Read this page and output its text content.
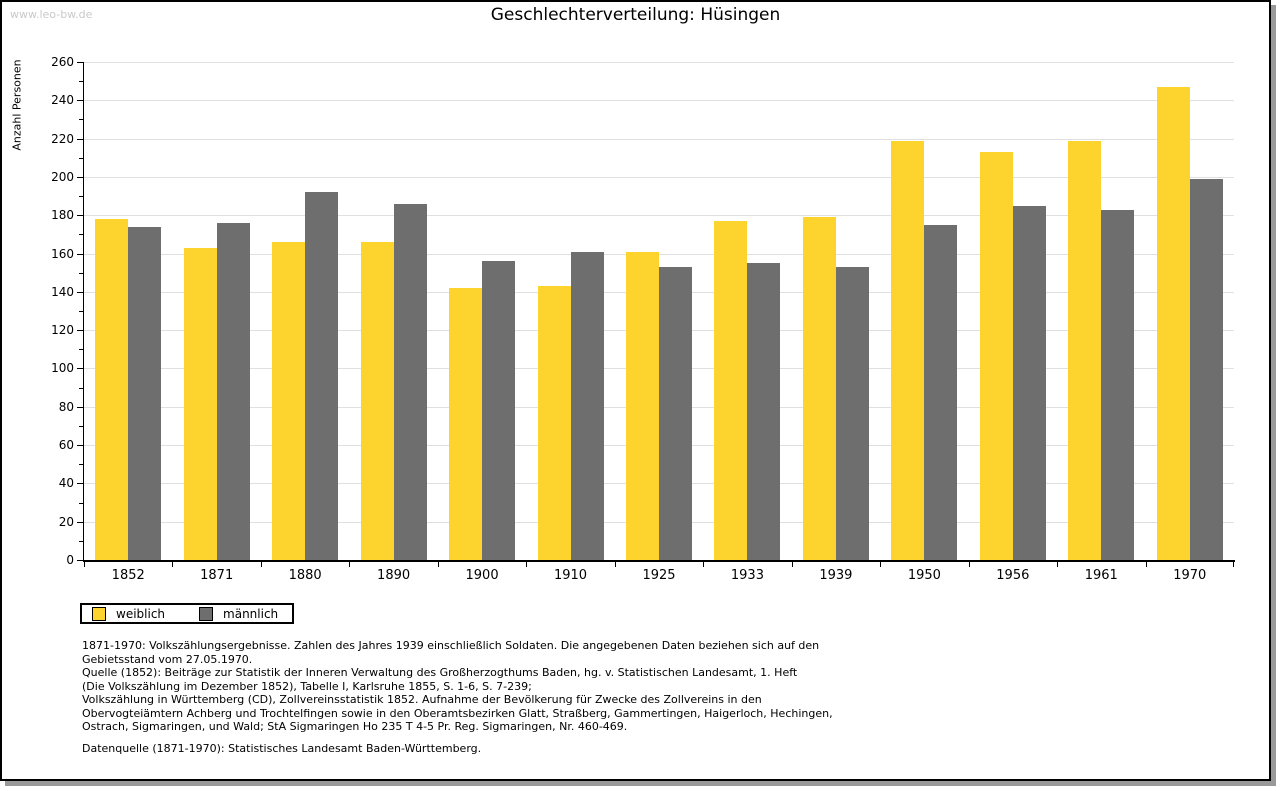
www.leo-bw.de	Geschlechterverteilung: Hüsingen
Anzahl Personen
0
20
40
60
80
100
120
140
160
180
200
220
240
260
1852	1871	1880	1890	1900	1910	1925	1933	1939	1950	1956	1961	1970
weiblich	männlich
1871-1970: Volkszählungsergebnisse. Zahlen des Jahres 1939 einschließlich Soldaten. Die angegebenen Daten beziehen sich auf den
Gebietsstand vom 27.05.1970.
Quelle (1852): Beiträge zur Statistik der Inneren Verwaltung des Großherzogthums Baden, hg. v. Statistischen Landesamt, 1. Heft
(Die Volkszählung im Dezember 1852), Tabelle I, Karlsruhe 1855, S. 1-6, S. 7-239;
Volkszählung in Württemberg (CD), Zollvereinsstatistik 1852. Aufnahme der Bevölkerung für Zwecke des Zollvereins in den
Obervogteiämtern Achberg und Trochtelfingen sowie in den Oberamtsbezirken Glatt, Straßberg, Gammertingen, Haigerloch, Hechingen,
Ostrach, Sigmaringen, und Wald; StA Sigmaringen Ho 235 T 4-5 Pr. Reg. Sigmaringen, Nr. 460-469.
Datenquelle (1871-1970): Statistisches Landesamt Baden-Württemberg.
